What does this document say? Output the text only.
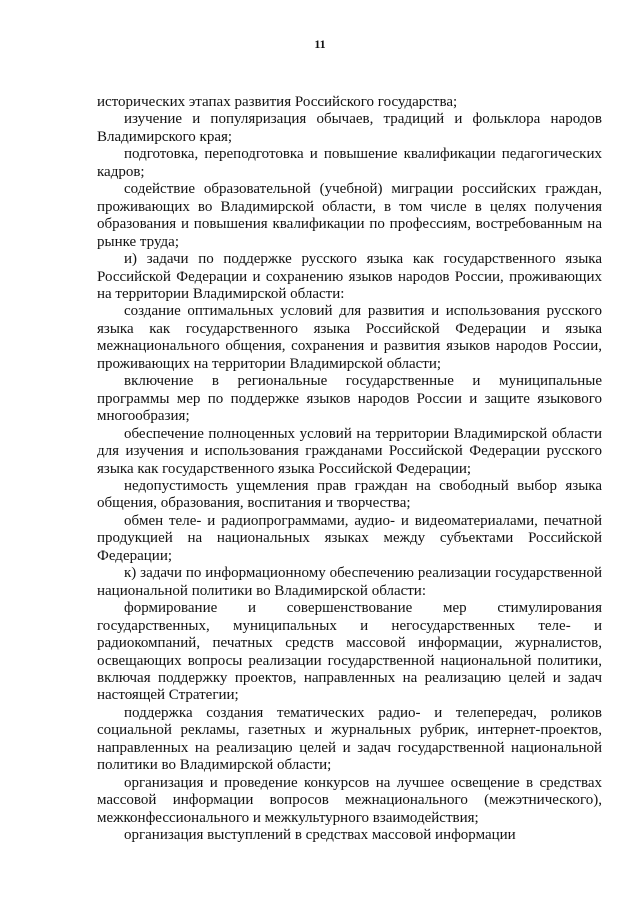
11

исторических этапах развития Российского государства;

изучение и популяризация обычаев, традиций и фольклора народов Владимирского края;

подготовка, переподготовка и повышение квалификации педагогических кадров;

содействие образовательной (учебной) миграции российских граждан, проживающих во Владимирской области, в том числе в целях получения образования и повышения квалификации по профессиям, востребованным на рынке труда;

и) задачи по поддержке русского языка как государственного языка Российской Федерации и сохранению языков народов России, проживающих на территории Владимирской области:

создание оптимальных условий для развития и использования русского языка как государственного языка Российской Федерации и языка межнационального общения, сохранения и развития языков народов России, проживающих на территории Владимирской области;

включение в региональные государственные и муниципальные программы мер по поддержке языков народов России и защите языкового многообразия;

обеспечение полноценных условий на территории Владимирской области для изучения и использования гражданами Российской Федерации русского языка как государственного языка Российской Федерации;

недопустимость ущемления прав граждан на свободный выбор языка общения, образования, воспитания и творчества;

обмен теле- и радиопрограммами, аудио- и видеоматериалами, печатной продукцией на национальных языках между субъектами Российской Федерации;

к) задачи по информационному обеспечению реализации государственной национальной политики во Владимирской области:

формирование и совершенствование мер стимулирования государственных, муниципальных и негосударственных теле- и радиокомпаний, печатных средств массовой информации, журналистов, освещающих вопросы реализации государственной национальной политики, включая поддержку проектов, направленных на реализацию целей и задач настоящей Стратегии;

поддержка создания тематических радио- и телепередач, роликов социальной рекламы, газетных и журнальных рубрик, интернет-проектов, направленных на реализацию целей и задач государственной национальной политики во Владимирской области;

организация и проведение конкурсов на лучшее освещение в средствах массовой информации вопросов межнационального (межэтнического), межконфессионального и межкультурного взаимодействия;

организация выступлений в средствах массовой информации
